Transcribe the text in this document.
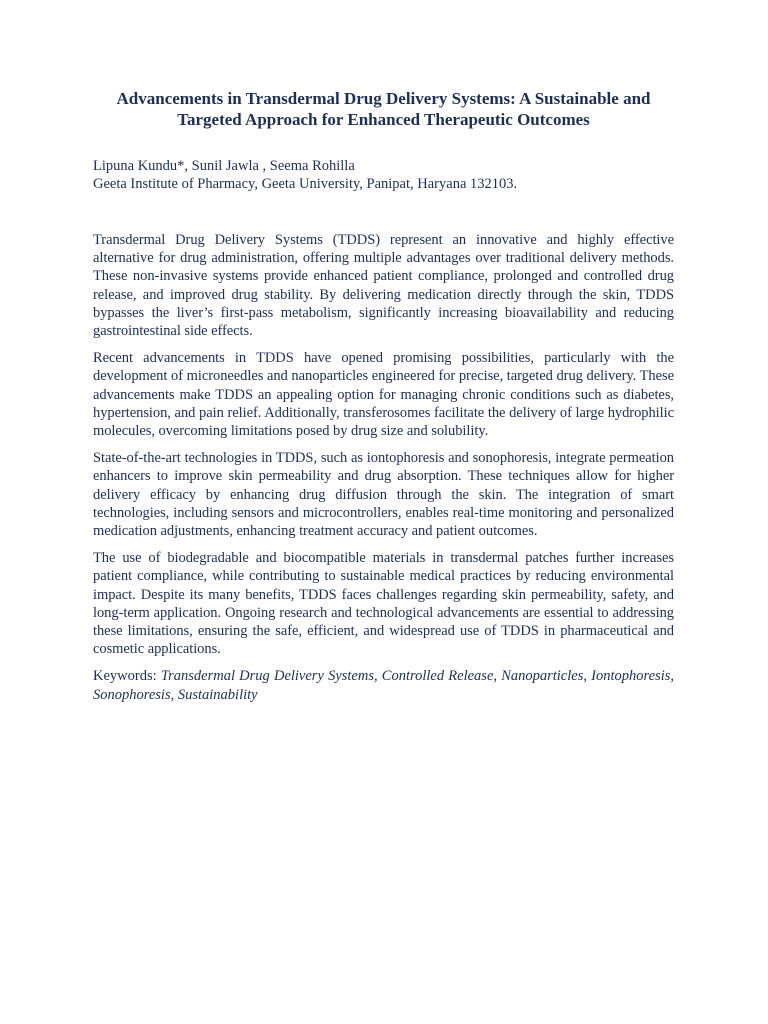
Advancements in Transdermal Drug Delivery Systems: A Sustainable and Targeted Approach for Enhanced Therapeutic Outcomes
Lipuna Kundu*, Sunil Jawla , Seema Rohilla
Geeta Institute of Pharmacy, Geeta University, Panipat, Haryana 132103.

Transdermal Drug Delivery Systems (TDDS) represent an innovative and highly effective alternative for drug administration, offering multiple advantages over traditional delivery methods. These non-invasive systems provide enhanced patient compliance, prolonged and controlled drug release, and improved drug stability. By delivering medication directly through the skin, TDDS bypasses the liver’s first-pass metabolism, significantly increasing bioavailability and reducing gastrointestinal side effects.

Recent advancements in TDDS have opened promising possibilities, particularly with the development of microneedles and nanoparticles engineered for precise, targeted drug delivery. These advancements make TDDS an appealing option for managing chronic conditions such as diabetes, hypertension, and pain relief. Additionally, transferosomes facilitate the delivery of large hydrophilic molecules, overcoming limitations posed by drug size and solubility.

State-of-the-art technologies in TDDS, such as iontophoresis and sonophoresis, integrate permeation enhancers to improve skin permeability and drug absorption. These techniques allow for higher delivery efficacy by enhancing drug diffusion through the skin. The integration of smart technologies, including sensors and microcontrollers, enables real-time monitoring and personalized medication adjustments, enhancing treatment accuracy and patient outcomes.

The use of biodegradable and biocompatible materials in transdermal patches further increases patient compliance, while contributing to sustainable medical practices by reducing environmental impact. Despite its many benefits, TDDS faces challenges regarding skin permeability, safety, and long-term application. Ongoing research and technological advancements are essential to addressing these limitations, ensuring the safe, efficient, and widespread use of TDDS in pharmaceutical and cosmetic applications.

Keywords: Transdermal Drug Delivery Systems, Controlled Release, Nanoparticles, Iontophoresis, Sonophoresis, Sustainability
